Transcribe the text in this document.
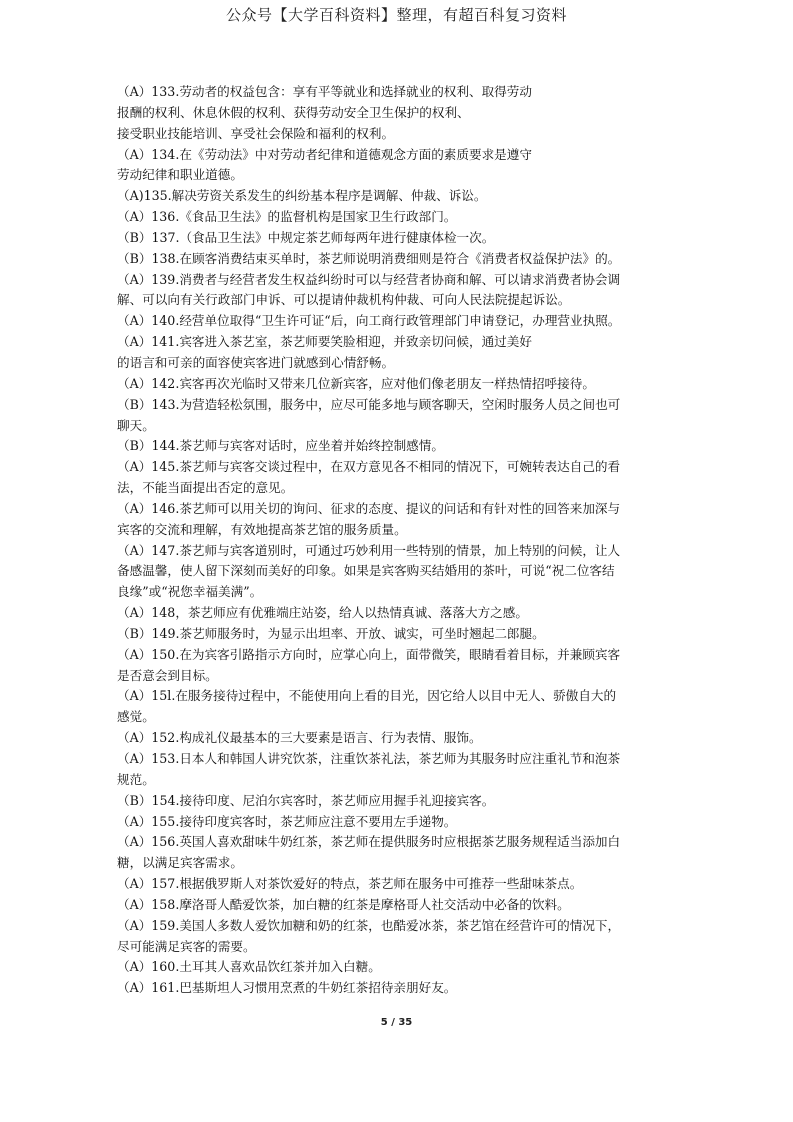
公众号【大学百科资料】整理，有超百科复习资料
（A）133.劳动者的权益包含：享有平等就业和选择就业的权利、取得劳动
报酬的权利、休息休假的权利、获得劳动安全卫生保护的权利、
接受职业技能培训、享受社会保险和福利的权利。
（A）134.在《劳动法》中对劳动者纪律和道德观念方面的素质要求是遵守
劳动纪律和职业道德。
（A)135.解决劳资关系发生的纠纷基本程序是调解、仲裁、诉讼。
（A）136.《食品卫生法》的监督机构是国家卫生行政部门。
（B）137.（食品卫生法》中规定茶艺师每两年进行健康体检一次。
（B）138.在顾客消费结束买单时，茶艺师说明消费细则是符合《消费者权益保护法》的。
（A）139.消费者与经营者发生权益纠纷时可以与经营者协商和解、可以请求消费者协会调
解、可以向有关行政部门申诉、可以提请仲裁机构仲裁、可向人民法院提起诉讼。
（A）140.经营单位取得“卫生许可证“后，向工商行政管理部门申请登记，办理营业执照。
（A）141.宾客进入茶艺室，茶艺师要笑脸相迎，并致亲切问候，通过美好
的语言和可亲的面容使宾客进门就感到心情舒畅。
（A）142.宾客再次光临时又带来几位新宾客，应对他们像老朋友一样热情招呼接待。
（B）143.为营造轻松氛围，服务中，应尽可能多地与顾客聊天，空闲时服务人员之间也可
聊天。
（B）144.茶艺师与宾客对话时，应坐着并始终控制感情。
（A）145.茶艺师与宾客交谈过程中，在双方意见各不相同的情况下，可婉转表达自己的看
法，不能当面提出否定的意见。
（A）146.茶艺师可以用关切的询问、征求的态度、提议的问话和有针对性的回答来加深与
宾客的交流和理解，有效地提高茶艺馆的服务质量。
（A）147.茶艺师与宾客道别时，可通过巧妙利用一些特别的情景，加上特别的问候，让人
备感温馨，使人留下深刻而美好的印象。如果是宾客购买结婚用的茶叶，可说“祝二位客结
良缘”或“祝您幸福美满”。
（A）148，茶艺师应有优雅端庄站姿，给人以热情真诚、落落大方之感。
（B）149.茶艺师服务时，为显示出坦率、开放、诚实，可坐时翘起二郎腿。
（A）150.在为宾客引路指示方向时，应掌心向上，面带微笑，眼睛看着目标，并兼顾宾客
是否意会到目标。
（A）15l.在服务接待过程中，不能使用向上看的目光，因它给人以目中无人、骄傲自大的
感觉。
（A）152.构成礼仪最基本的三大要素是语言、行为表情、服饰。
（A）153.日本人和韩国人讲究饮茶，注重饮茶礼法，茶艺师为其服务时应注重礼节和泡茶
规范。
（B）154.接待印度、尼泊尔宾客时，茶艺师应用握手礼迎接宾客。
（A）155.接待印度宾客时，茶艺师应注意不要用左手递物。
（A）156.英国人喜欢甜味牛奶红茶，茶艺师在提供服务时应根据茶艺服务规程适当添加白
糖，以满足宾客需求。
（A）157.根据俄罗斯人对茶饮爱好的特点，茶艺师在服务中可推荐一些甜味茶点。
（A）158.摩洛哥人酷爱饮茶，加白糖的红茶是摩格哥人社交活动中必备的饮料。
（A）159.美国人多数人爱饮加糖和奶的红茶，也酷爱冰茶，茶艺馆在经营许可的情况下，
尽可能满足宾客的需要。
（A）160.土耳其人喜欢品饮红茶并加入白糖。
（A）161.巴基斯坦人习惯用烹煮的牛奶红茶招待亲朋好友。
5 / 35
